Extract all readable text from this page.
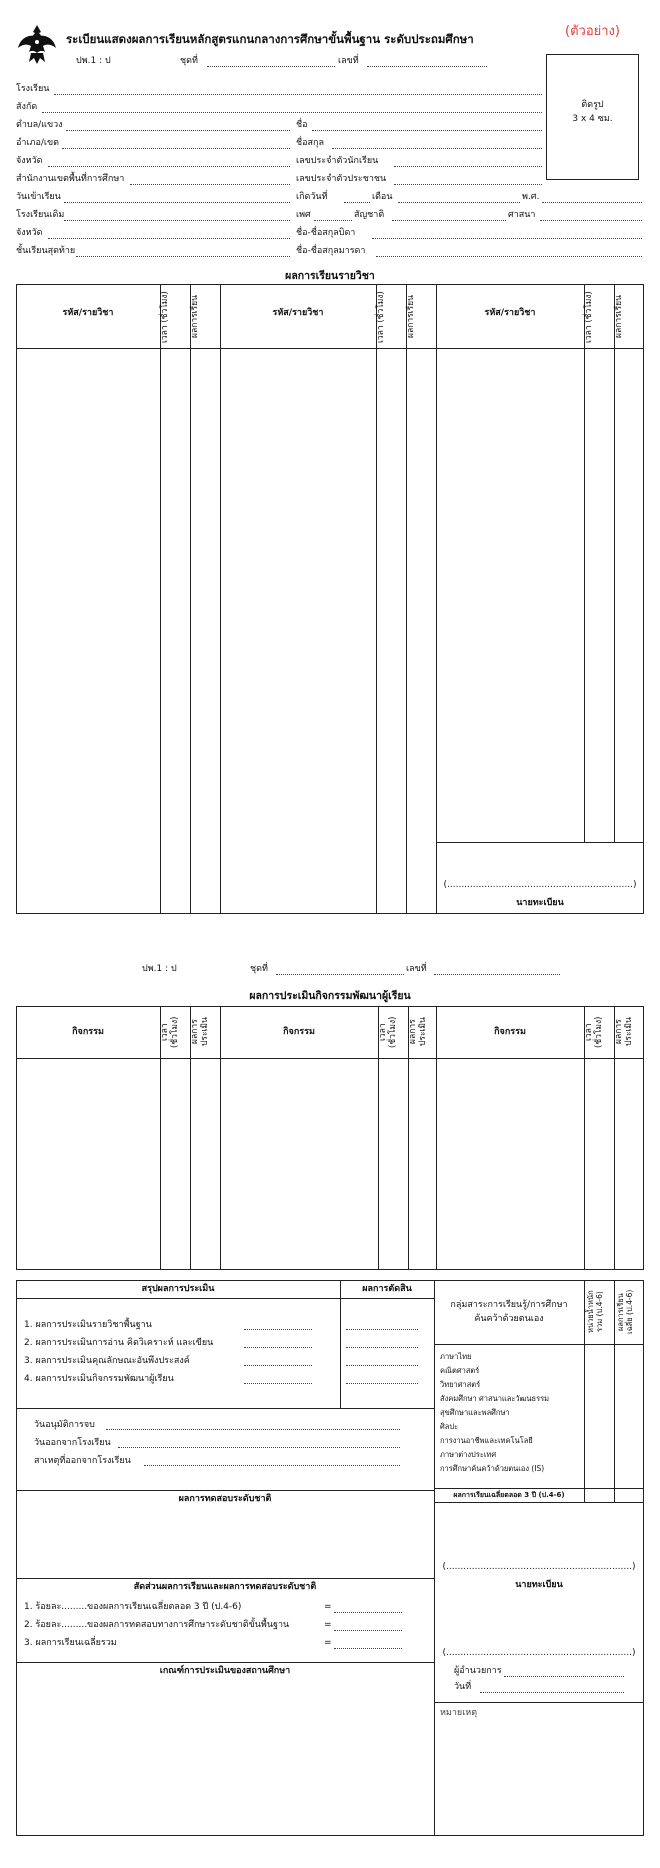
(ตัวอย่าง)
ระเบียนแสดงผลการเรียนหลักสูตรแกนกลางการศึกษาขั้นพื้นฐาน ระดับประถมศึกษา
ปพ.1 : ป	ชุดที่	เลขที่
ติดรูป
3 x 4 ซม.
โรงเรียน
สังกัด
ตำบล/แขวง
อำเภอ/เขต
จังหวัด
สำนักงานเขตพื้นที่การศึกษา
วันเข้าเรียน
โรงเรียนเดิม
จังหวัด
ชั้นเรียนสุดท้าย
ชื่อ
ชื่อสกุล
เลขประจำตัวนักเรียน
เลขประจำตัวประชาชน
เกิดวันที่	เดือน	พ.ศ.
เพศ	สัญชาติ	ศาสนา
ชื่อ-ชื่อสกุลบิดา
ชื่อ-ชื่อสกุลมารดา
ผลการเรียนรายวิชา
รหัส/รายวิชา	เวลา (ชั่วโมง)	ผลการเรียน	รหัส/รายวิชา	เวลา (ชั่วโมง)	ผลการเรียน	รหัส/รายวิชา	เวลา (ชั่วโมง)	ผลการเรียน
(.................................................................)
นายทะเบียน
ปพ.1 : ป	ชุดที่	เลขที่
ผลการประเมินกิจกรรมพัฒนาผู้เรียน
กิจกรรม	เวลา (ชั่วโมง)	ผลการประเมิน	กิจกรรม	เวลา (ชั่วโมง)	ผลการประเมิน	กิจกรรม	เวลา (ชั่วโมง)	ผลการประเมิน
สรุปผลการประเมิน	ผลการตัดสิน
1. ผลการประเมินรายวิชาพื้นฐาน
2. ผลการประเมินการอ่าน คิดวิเคราะห์ และเขียน
3. ผลการประเมินคุณลักษณะอันพึงประสงค์
4. ผลการประเมินกิจกรรมพัฒนาผู้เรียน
วันอนุมัติการจบ
วันออกจากโรงเรียน
สาเหตุที่ออกจากโรงเรียน
ผลการทดสอบระดับชาติ
สัดส่วนผลการเรียนและผลการทดสอบระดับชาติ
1. ร้อยละ.........ของผลการเรียนเฉลี่ยตลอด 3 ปี (ป.4-6)	=
2. ร้อยละ.........ของผลการทดสอบทางการศึกษาระดับชาติขั้นพื้นฐาน	=
3. ผลการเรียนเฉลี่ยรวม	=
เกณฑ์การประเมินของสถานศึกษา
กลุ่มสาระการเรียนรู้/การศึกษาค้นคว้าด้วยตนเอง	หน่วยน้ำหนัก รวม (ป.4-6)	ผลการเรียน เฉลี่ย (ป.4-6)
ภาษาไทย
คณิตศาสตร์
วิทยาศาสตร์
สังคมศึกษา ศาสนาและวัฒนธรรม
สุขศึกษาและพลศึกษา
ศิลปะ
การงานอาชีพและเทคโนโลยี
ภาษาต่างประเทศ
การศึกษาค้นคว้าด้วยตนเอง (IS)
ผลการเรียนเฉลี่ยตลอด 3 ปี (ป.4-6)
(.................................................................)
นายทะเบียน
(.................................................................)
ผู้อำนวยการ
วันที่
หมายเหตุ
